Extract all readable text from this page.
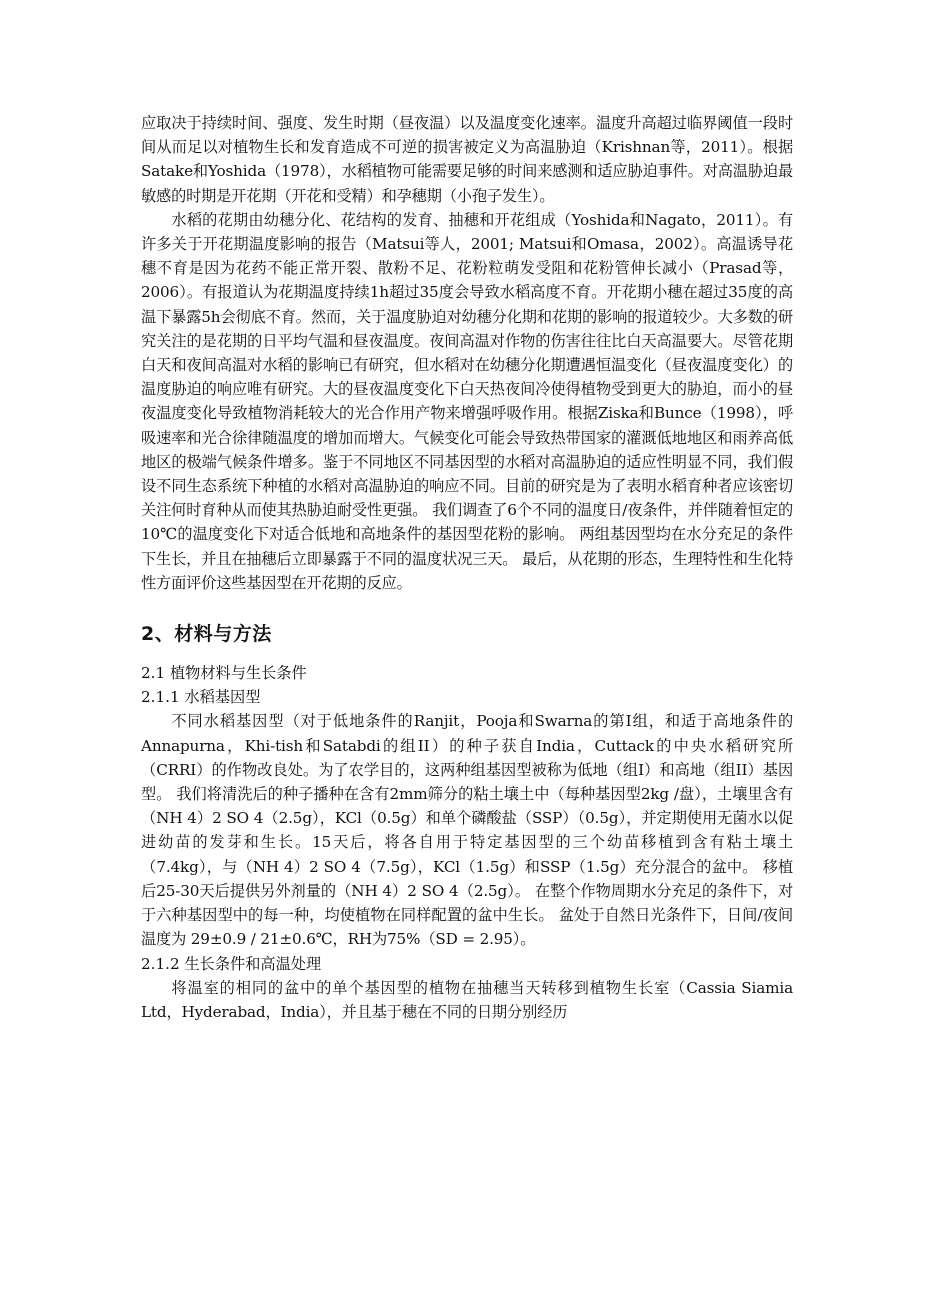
应取决于持续时间、强度、发生时期（昼夜温）以及温度变化速率。温度升高超过临界阈值一段时间从而足以对植物生长和发育造成不可逆的损害被定义为高温胁迫（Krishnan等，2011）。根据Satake和Yoshida（1978），水稻植物可能需要足够的时间来感测和适应胁迫事件。对高温胁迫最敏感的时期是开花期（开花和受精）和孕穗期（小孢子发生）。

水稻的花期由幼穗分化、花结构的发育、抽穗和开花组成（Yoshida和Nagato，2011）。有许多关于开花期温度影响的报告（Matsui等人，2001; Matsui和Omasa，2002）。高温诱导花穗不育是因为花药不能正常开裂、散粉不足、花粉粒萌发受阻和花粉管伸长减小（Prasad等，2006）。有报道认为花期温度持续1h超过35度会导致水稻高度不育。开花期小穗在超过35度的高温下暴露5h会彻底不育。然而，关于温度胁迫对幼穗分化期和花期的影响的报道较少。大多数的研究关注的是花期的日平均气温和昼夜温度。夜间高温对作物的伤害往往比白天高温要大。尽管花期白天和夜间高温对水稻的影响已有研究，但水稻对在幼穗分化期遭遇恒温变化（昼夜温度变化）的温度胁迫的响应唯有研究。大的昼夜温度变化下白天热夜间冷使得植物受到更大的胁迫，而小的昼夜温度变化导致植物消耗较大的光合作用产物来增强呼吸作用。根据Ziska和Bunce（1998），呼吸速率和光合徐律随温度的增加而增大。气候变化可能会导致热带国家的灌溉低地地区和雨养高低地区的极端气候条件增多。鉴于不同地区不同基因型的水稻对高温胁迫的适应性明显不同，我们假设不同生态系统下种植的水稻对高温胁迫的响应不同。目前的研究是为了表明水稻育种者应该密切关注何时育种从而使其热胁迫耐受性更强。 我们调查了6个不同的温度日/夜条件，并伴随着恒定的10℃的温度变化下对适合低地和高地条件的基因型花粉的影响。 两组基因型均在水分充足的条件下生长，并且在抽穗后立即暴露于不同的温度状况三天。 最后，从花期的形态，生理特性和生化特性方面评价这些基因型在开花期的反应。

2、材料与方法

2.1 植物材料与生长条件

2.1.1 水稻基因型

不同水稻基因型（对于低地条件的Ranjit，Pooja和Swarna的第I组，和适于高地条件的Annapurna，Khi-tish和Satabdi的组II）的种子获自India，Cuttack的中央水稻研究所（CRRI）的作物改良处。为了农学目的，这两种组基因型被称为低地（组I）和高地（组II）基因型。 我们将清洗后的种子播种在含有2mm筛分的粘土壤土中（每种基因型2kg /盘），土壤里含有（NH 4）2 SO 4（2.5g），KCl（0.5g）和单个磷酸盐（SSP）（0.5g），并定期使用无菌水以促进幼苗的发芽和生长。15天后，将各自用于特定基因型的三个幼苗移植到含有粘土壤土（7.4kg），与（NH 4）2 SO 4（7.5g），KCl（1.5g）和SSP（1.5g）充分混合的盆中。 移植后25-30天后提供另外剂量的（NH 4）2 SO 4（2.5g）。 在整个作物周期水分充足的条件下，对于六种基因型中的每一种，均使植物在同样配置的盆中生长。 盆处于自然日光条件下，日间/夜间温度为 29±0.9 / 21±0.6℃，RH为75%（SD = 2.95）。

2.1.2 生长条件和高温处理

将温室的相同的盆中的单个基因型的植物在抽穗当天转移到植物生长室（Cassia Siamia Ltd，Hyderabad，India），并且基于穗在不同的日期分别经历
